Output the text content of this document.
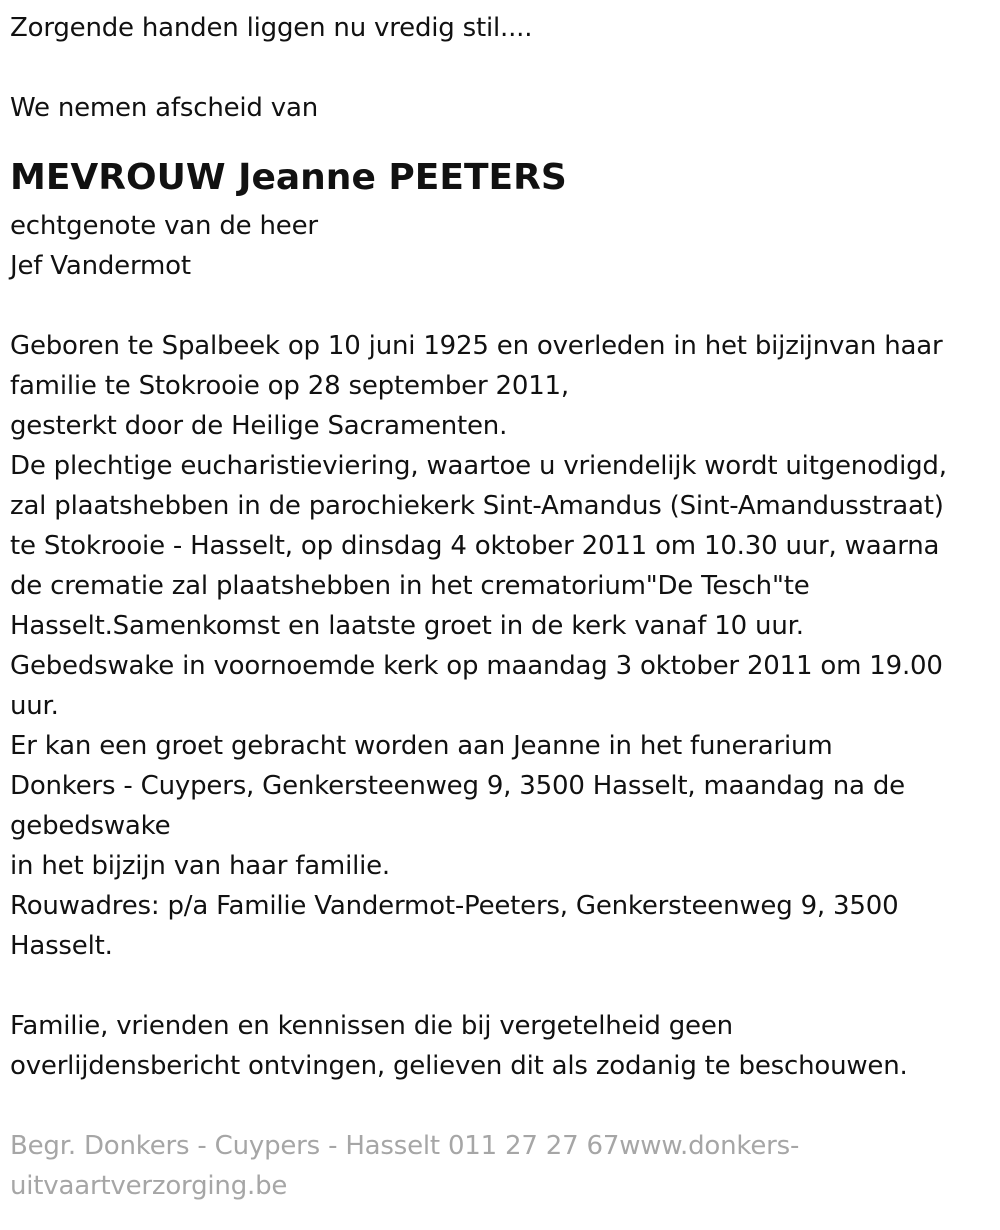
Zorgende handen liggen nu vredig stil....
We nemen afscheid van
MEVROUW Jeanne PEETERS
echtgenote van de heer
Jef Vandermot
Geboren te Spalbeek op 10 juni 1925 en overleden in het bijzijnvan haar
familie te Stokrooie op 28 september 2011,
gesterkt door de Heilige Sacramenten.
De plechtige eucharistieviering, waartoe u vriendelijk wordt uitgenodigd,
zal plaatshebben in de parochiekerk Sint-Amandus (Sint-Amandusstraat)
te Stokrooie - Hasselt, op dinsdag 4 oktober 2011 om 10.30 uur, waarna
de crematie zal plaatshebben in het crematorium"De Tesch"te
Hasselt.Samenkomst en laatste groet in de kerk vanaf 10 uur.
Gebedswake in voornoemde kerk op maandag 3 oktober 2011 om 19.00
uur.
Er kan een groet gebracht worden aan Jeanne in het funerarium
Donkers - Cuypers, Genkersteenweg 9, 3500 Hasselt, maandag na de
gebedswake
in het bijzijn van haar familie.
Rouwadres: p/a Familie Vandermot-Peeters, Genkersteenweg 9, 3500
Hasselt.
Familie, vrienden en kennissen die bij vergetelheid geen
overlijdensbericht ontvingen, gelieven dit als zodanig te beschouwen.
Begr. Donkers - Cuypers - Hasselt 011 27 27 67www.donkers-
uitvaartverzorging.be
